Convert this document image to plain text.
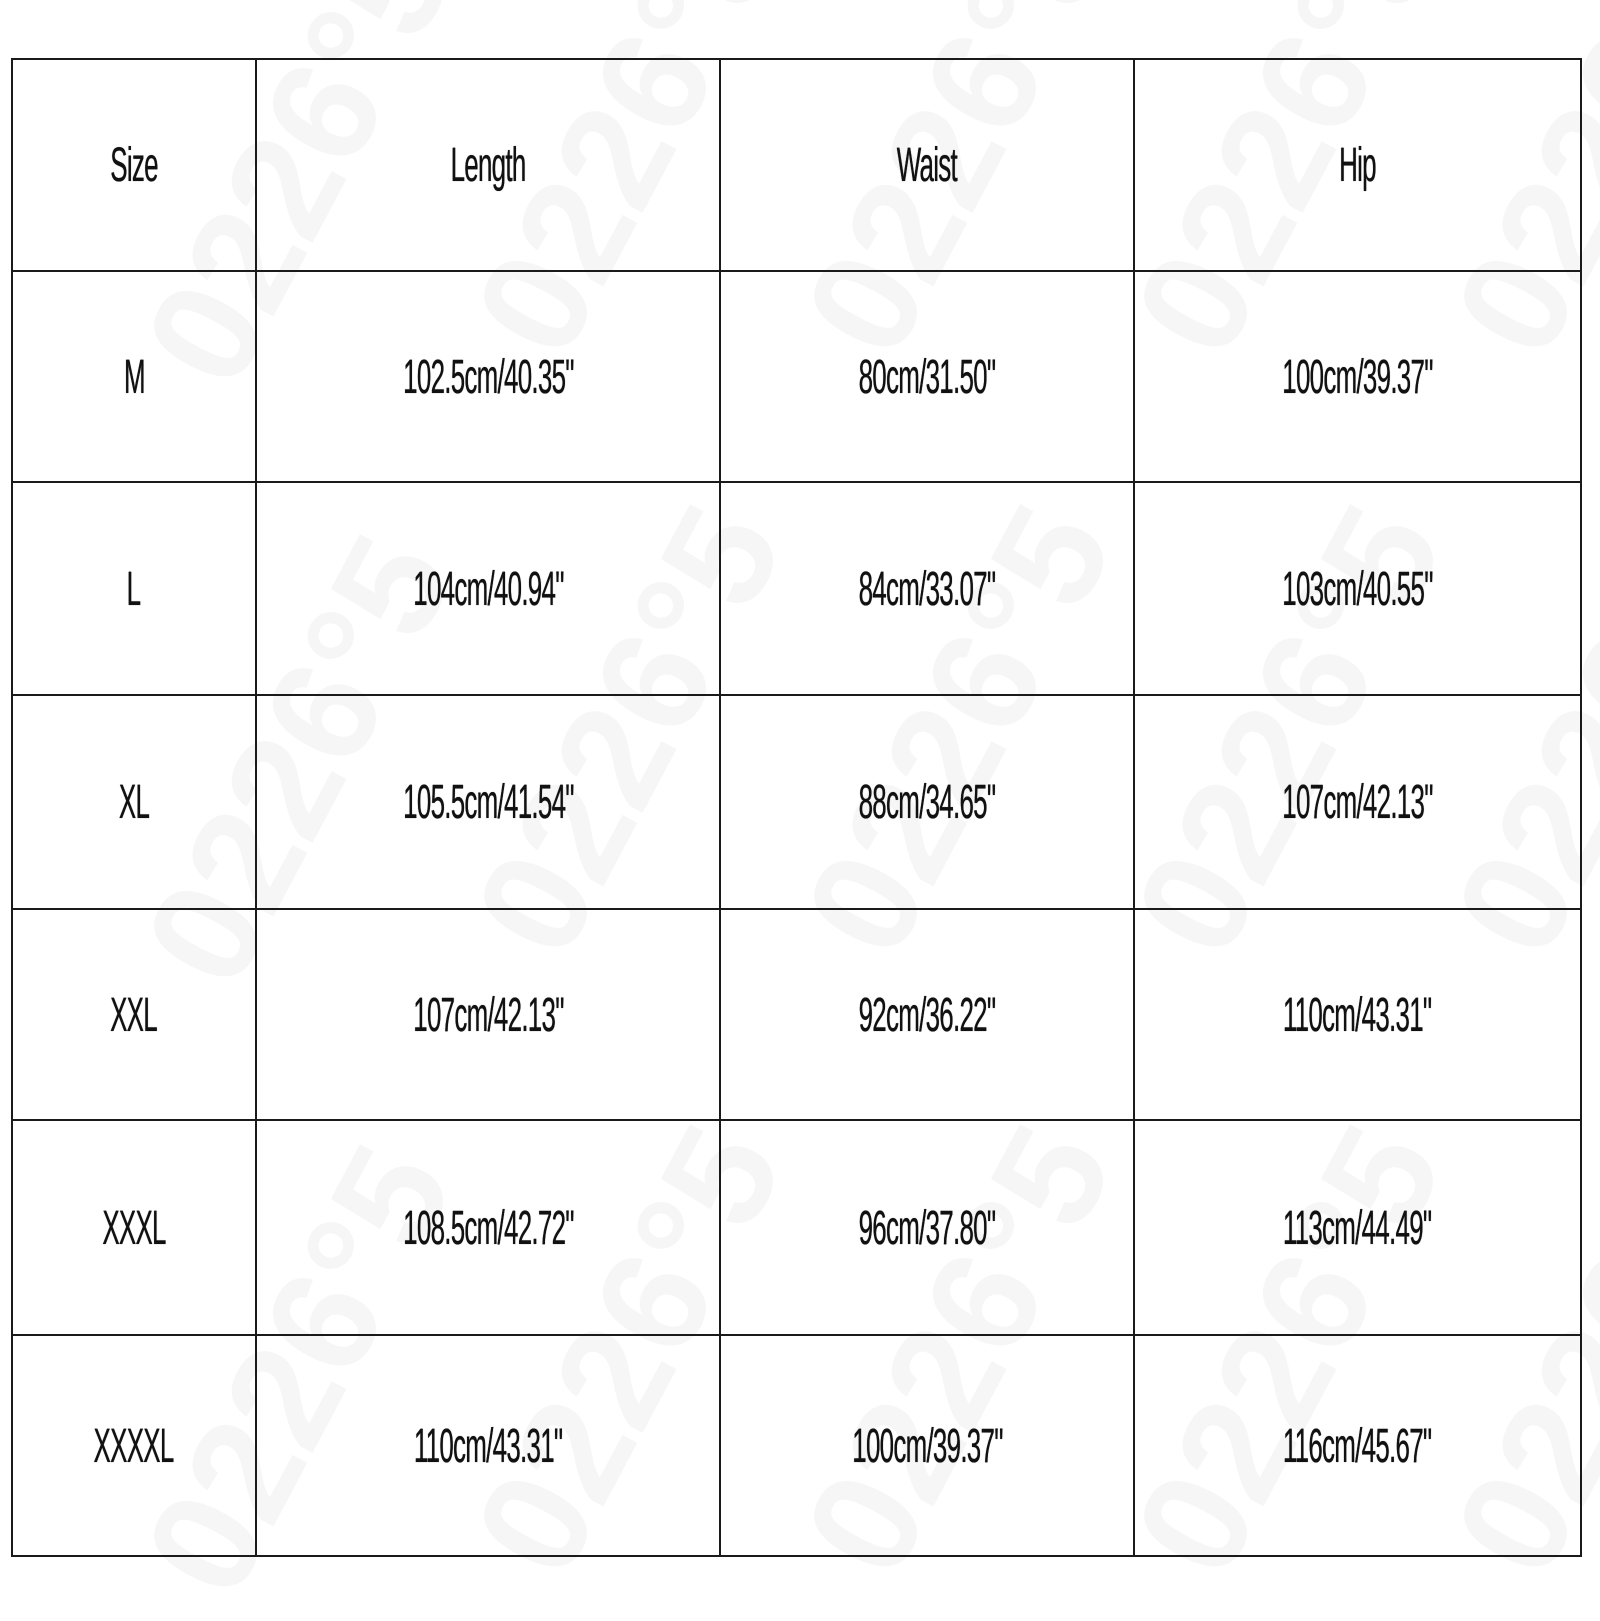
Size	Length	Waist	Hip
M	102.5cm/40.35"	80cm/31.50"	100cm/39.37"
L	104cm/40.94"	84cm/33.07"	103cm/40.55"
XL	105.5cm/41.54"	88cm/34.65"	107cm/42.13"
XXL	107cm/42.13"	92cm/36.22"	110cm/43.31"
XXXL	108.5cm/42.72"	96cm/37.80"	113cm/44.49"
XXXXL	110cm/43.31"	100cm/39.37"	116cm/45.67"
